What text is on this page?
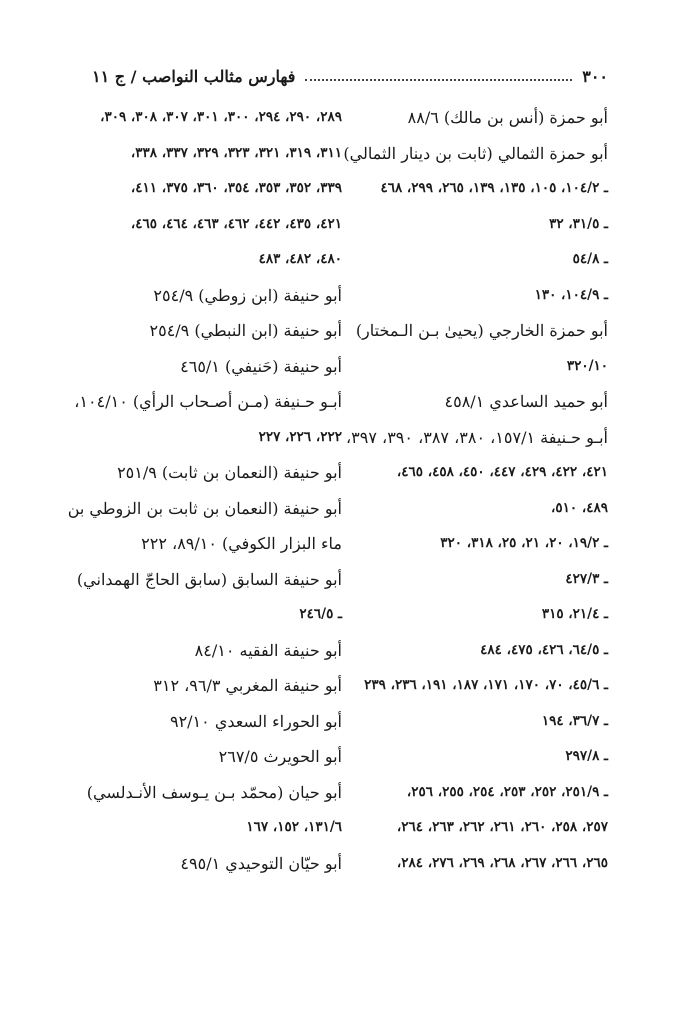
٣٠٠
فهارس مثالب النواصب / ج ١١
أبو حمزة (أنس بن مالك) ٨٨/٦
أبو حمزة الثمالي (ثابت بن دينار الثمالي)
ـ ١٠٤/٢، ١٠٥، ١٣٥، ١٣٩، ٢٦٥، ٢٩٩، ٤٦٨
ـ ٣١/٥، ٣٢
ـ ٥٤/٨
ـ ١٠٤/٩، ١٣٠
أبو حمزة الخارجي (يحيىٰ بـن الـمختار)
٣٢٠/١٠
أبو حميد الساعدي ٤٥٨/١
أبـو حـنيفة ١٥٧/١، ٣٨٠، ٣٨٧، ٣٩٠، ٣٩٧،
٤٢١، ٤٢٢، ٤٢٩، ٤٤٧، ٤٥٠، ٤٥٨، ٤٦٥،
٤٨٩، ٥١٠،
ـ ١٩/٢، ٢٠، ٢١، ٢٥، ٣١٨، ٣٢٠
ـ ٤٢٧/٣
ـ ٢١/٤، ٣١٥
ـ ٦٤/٥، ٤٢٦، ٤٧٥، ٤٨٤
ـ ٤٥/٦، ٧٠، ١٧٠، ١٧١، ١٨٧، ١٩١، ٢٣٦، ٢٣٩
ـ ٣٦/٧، ١٩٤
ـ ٢٩٧/٨
ـ ٢٥١/٩، ٢٥٢، ٢٥٣، ٢٥٤، ٢٥٥، ٢٥٦،
٢٥٧، ٢٥٨، ٢٦٠، ٢٦١، ٢٦٢، ٢٦٣، ٢٦٤،
٢٦٥، ٢٦٦، ٢٦٧، ٢٦٨، ٢٦٩، ٢٧٦، ٢٨٤،
٢٨٩، ٢٩٠، ٢٩٤، ٣٠٠، ٣٠١، ٣٠٧، ٣٠٨، ٣٠٩،
٣١١، ٣١٩، ٣٢١، ٣٢٣، ٣٢٩، ٣٣٧، ٣٣٨،
٣٣٩، ٣٥٢، ٣٥٣، ٣٥٤، ٣٦٠، ٣٧٥، ٤١١،
٤٢١، ٤٣٥، ٤٤٢، ٤٦٢، ٤٦٣، ٤٦٤، ٤٦٥،
٤٨٠، ٤٨٢، ٤٨٣
أبو حنيفة (ابن زوطي) ٢٥٤/٩
أبو حنيفة (ابن النبطي) ٢٥٤/٩
أبو حنيفة (حَنيفي) ٤٦٥/١
أبـو حـنيفة (مـن أصـحاب الرأي) ١٠٤/١٠،
٢٢٢، ٢٢٦، ٢٢٧
أبو حنيفة (النعمان بن ثابت) ٢٥١/٩
أبو حنيفة (النعمان بن ثابت بن الزوطي بن
ماء البزار الكوفي) ٨٩/١٠، ٢٢٢
أبو حنيفة السابق (سابق الحاجّ الهمداني)
ـ ٢٤٦/٥
أبو حنيفة الفقيه ٨٤/١٠
أبو حنيفة المغربي ٩٦/٣، ٣١٢
أبو الحوراء السعدي ٩٢/١٠
أبو الحويرث ٢٦٧/٥
أبو حيان (محمّد بـن يـوسف الأنـدلسي)
١٣١/٦، ١٥٢، ١٦٧
أبو حيّان التوحيدي ٤٩٥/١
